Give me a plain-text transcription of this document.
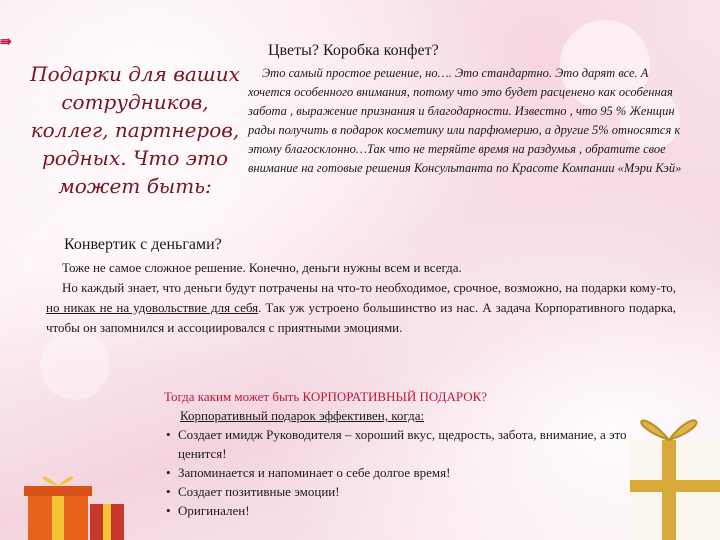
⇛
Подарки для ваших сотрудников, коллег, партнеров, родных. Что это может быть:
Цветы? Коробка конфет?
Это самый простое решение, но…. Это стандартно. Это дарят все. А хочется особенного внимания, потому что это будет расценено как особенная забота , выражение признания и благодарности. Известно , что 95 % Женщин рады получить в подарок косметику или парфюмерию, а другие 5% относятся к этому благосклонно…Так что не теряйте время на раздумья , обратите свое внимание на готовые решения Консультанта по Красоте Компании «Мэри Кэй»
Конвертик с деньгами?

Тоже не самое сложное решение. Конечно, деньги нужны всем и всегда.

Но каждый знает, что деньги будут потрачены на что-то необходимое, срочное, возможно, на подарки кому-то, но никак не на удовольствие для себя. Так уж устроено большинство из нас. А задача Корпоративного подарка, чтобы он запомнился и ассоциировался с приятными эмоциями.

Тогда каким может быть КОРПОРАТИВНЫЙ ПОДАРОК?
Корпоративный подарок эффективен, когда:
• Создает имидж Руководителя – хороший вкус, щедрость, забота, внимание, а это ценится!
• Запоминается и напоминает о себе долгое время!
• Создает позитивные эмоции!
• Оригинален!
